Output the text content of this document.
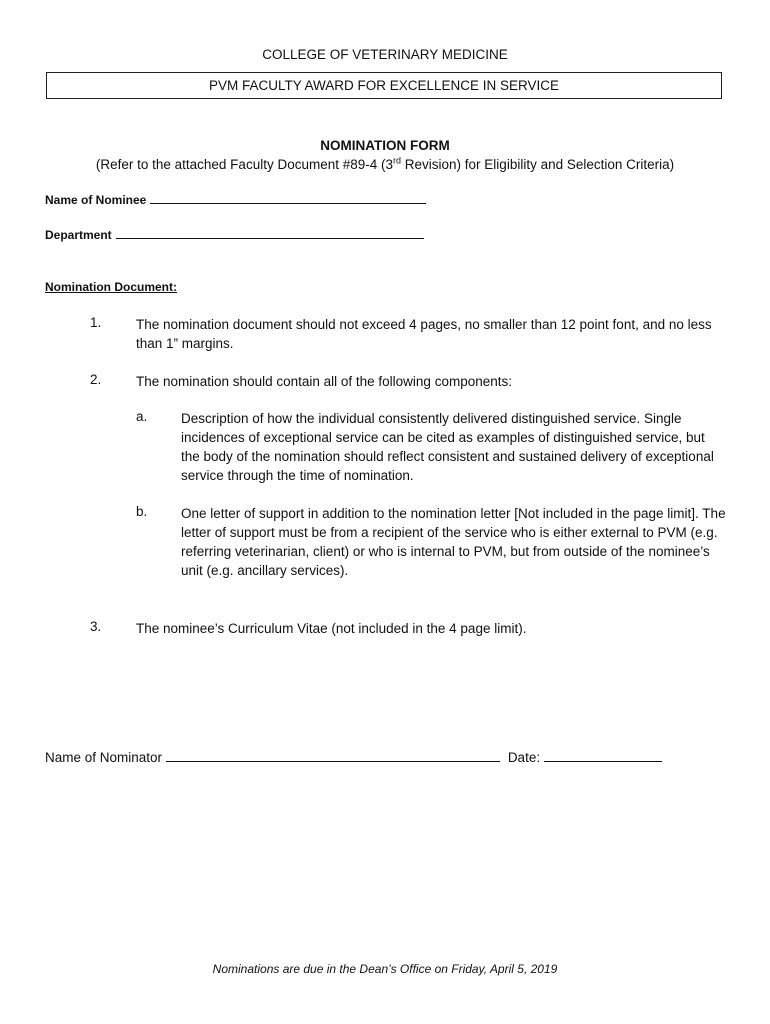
COLLEGE OF VETERINARY MEDICINE
PVM FACULTY AWARD FOR EXCELLENCE IN SERVICE
NOMINATION FORM
(Refer to the attached Faculty Document #89-4 (3rd Revision) for Eligibility and Selection Criteria)
Name of Nominee
Department
Nomination Document:
1.	The nomination document should not exceed 4 pages, no smaller than 12 point font, and no less than 1” margins.
2.	The nomination should contain all of the following components:
a. Description of how the individual consistently delivered distinguished service. Single incidences of exceptional service can be cited as examples of distinguished service, but the body of the nomination should reflect consistent and sustained delivery of exceptional service through the time of nomination.
b. One letter of support in addition to the nomination letter [Not included in the page limit]. The letter of support must be from a recipient of the service who is either external to PVM (e.g. referring veterinarian, client) or who is internal to PVM, but from outside of the nominee’s unit (e.g. ancillary services).
3.	The nominee’s Curriculum Vitae (not included in the 4 page limit).
Name of Nominator	Date:
Nominations are due in the Dean’s Office on Friday, April 5, 2019
